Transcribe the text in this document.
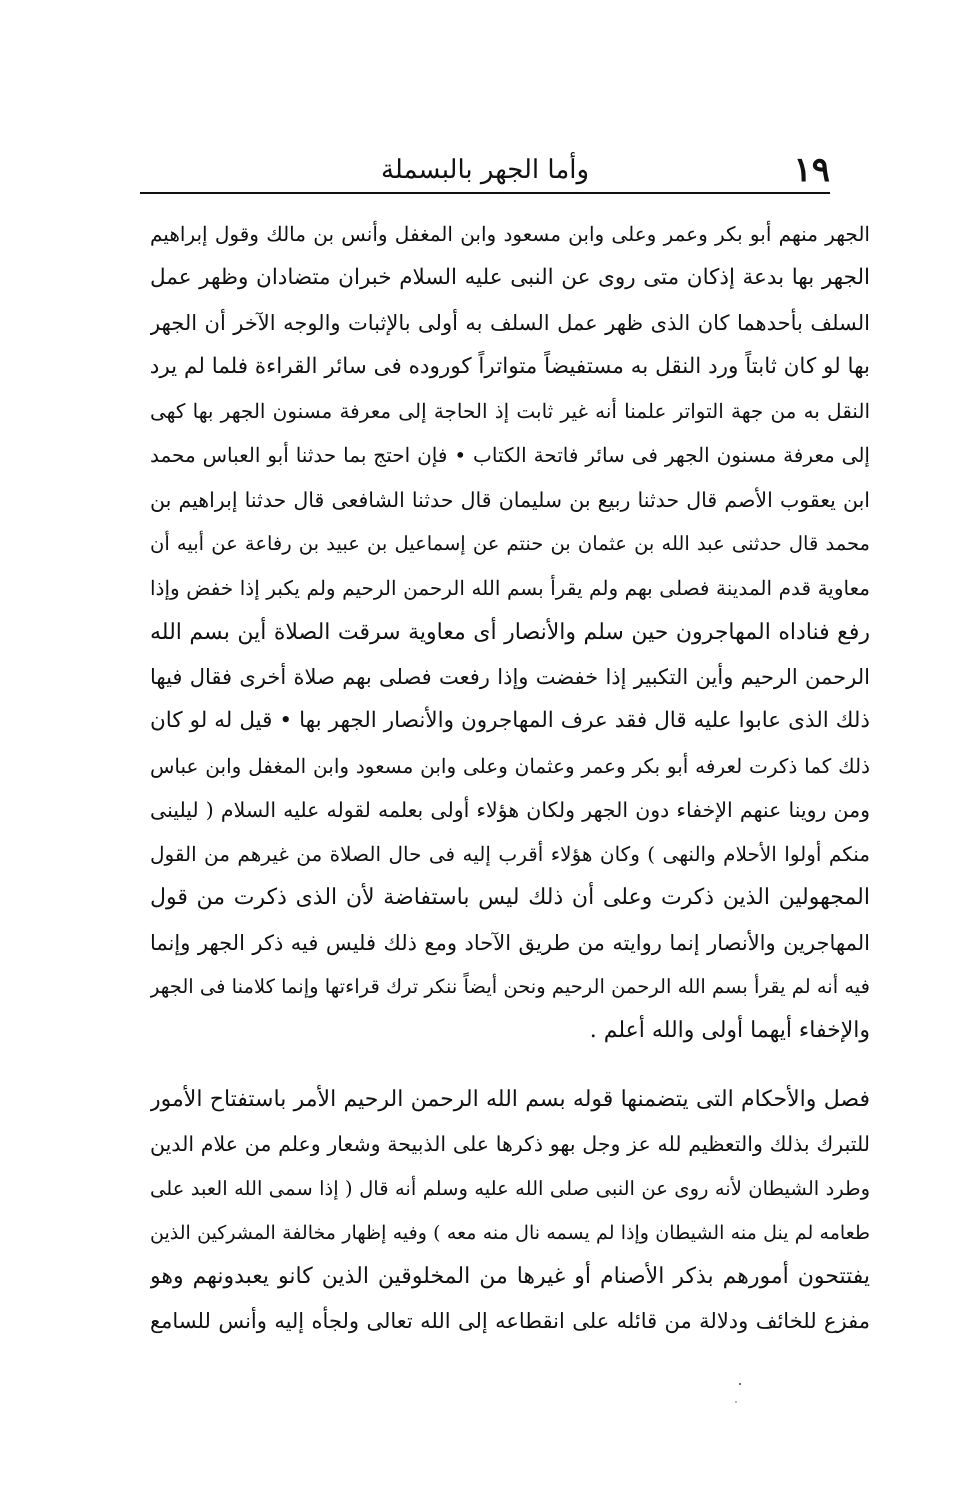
١٩
وأما الجهر بالبسملة
الجهر منهم أبو بكر وعمر وعلى وابن مسعود وابن المغفل وأنس بن مالك وقول إبراهيم
الجهر بها بدعة إذكان متى روى عن النبى عليه السلام خبران متضادان وظهر عمل
السلف بأحدهما كان الذى ظهر عمل السلف به أولى بالإثبات والوجه الآخر أن الجهر
بها لو كان ثابتاً ورد النقل به مستفيضاً متواتراً كوروده فى سائر القراءة فلما لم يرد
النقل به من جهة التواتر علمنا أنه غير ثابت إذ الحاجة إلى معرفة مسنون الجهر بها كهى
إلى معرفة مسنون الجهر فى سائر فاتحة الكتاب • فإن احتج بما حدثنا أبو العباس محمد
ابن يعقوب الأصم قال حدثنا ربيع بن سليمان قال حدثنا الشافعى قال حدثنا إبراهيم بن
محمد قال حدثنى عبد الله بن عثمان بن حنتم عن إسماعيل بن عبيد بن رفاعة عن أبيه أن
معاوية قدم المدينة فصلى بهم ولم يقرأ بسم الله الرحمن الرحيم ولم يكبر إذا خفض وإذا
رفع فناداه المهاجرون حين سلم والأنصار أى معاوية سرقت الصلاة أين بسم الله
الرحمن الرحيم وأين التكبير إذا خفضت وإذا رفعت فصلى بهم صلاة أخرى فقال فيها
ذلك الذى عابوا عليه قال فقد عرف المهاجرون والأنصار الجهر بها • قيل له لو كان
ذلك كما ذكرت لعرفه أبو بكر وعمر وعثمان وعلى وابن مسعود وابن المغفل وابن عباس
ومن روينا عنهم الإخفاء دون الجهر ولكان هؤلاء أولى بعلمه لقوله عليه السلام ( ليلينى
منكم أولوا الأحلام والنهى ) وكان هؤلاء أقرب إليه فى حال الصلاة من غيرهم من القول
المجهولين الذين ذكرت وعلى أن ذلك ليس باستفاضة لأن الذى ذكرت من قول
المهاجرين والأنصار إنما روايته من طريق الآحاد ومع ذلك فليس فيه ذكر الجهر وإنما
فيه أنه لم يقرأ بسم الله الرحمن الرحيم ونحن أيضاً ننكر ترك قراءتها وإنما كلامنا فى الجهر
والإخفاء أيهما أولى والله أعلم .
فصل والأحكام التى يتضمنها قوله بسم الله الرحمن الرحيم الأمر باستفتاح الأمور
للتبرك بذلك والتعظيم لله عز وجل بهو ذكرها على الذبيحة وشعار وعلم من علام الدين
وطرد الشيطان لأنه روى عن النبى صلى الله عليه وسلم أنه قال ( إذا سمى الله العبد على
طعامه لم ينل منه الشيطان وإذا لم يسمه نال منه معه ) وفيه إظهار مخالفة المشركين الذين
يفتتحون أمورهم بذكر الأصنام أو غيرها من المخلوقين الذين كانو يعبدونهم وهو
مفزع للخائف ودلالة من قائله على انقطاعه إلى الله تعالى ولجأه إليه وأنس للسامع
